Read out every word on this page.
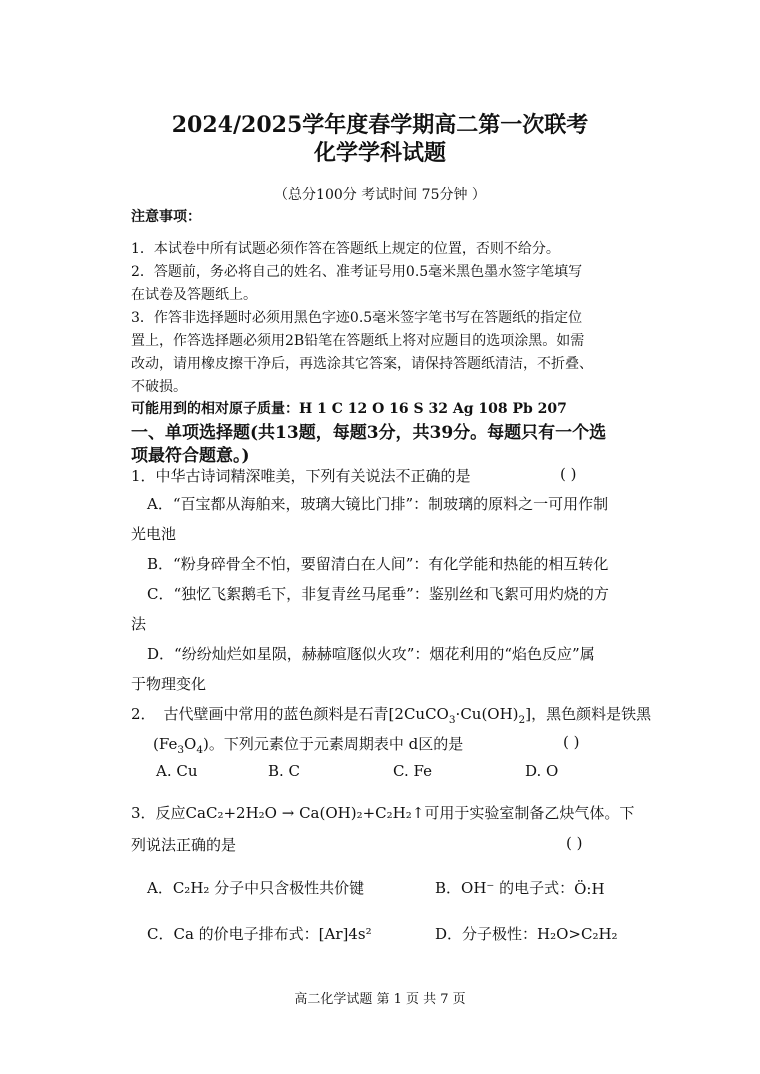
2024/2025学年度春学期高二第一次联考
化学学科试题
（总分100分 考试时间 75分钟 ）
注意事项：
1．本试卷中所有试题必须作答在答题纸上规定的位置，否则不给分。
2．答题前，务必将自己的姓名、准考证号用0.5毫米黑色墨水签字笔填写
在试卷及答题纸上。
3．作答非选择题时必须用黑色字迹0.5毫米签字笔书写在答题纸的指定位
置上，作答选择题必须用2B铅笔在答题纸上将对应题目的选项涂黑。如需
改动，请用橡皮擦干净后，再选涂其它答案，请保持答题纸清洁，不折叠、
不破损。
可能用到的相对原子质量：H 1 C 12 O 16 S 32 Ag 108 Pb 207
一、单项选择题(共13题，每题3分，共39分。每题只有一个选
项最符合题意。)
1．中华古诗词精深唯美，下列有关说法不正确的是	( )
A．“百宝都从海舶来，玻璃大镜比门排”：制玻璃的原料之一可用作制
光电池
B．“粉身碎骨全不怕，要留清白在人间”：有化学能和热能的相互转化
C．“独忆飞絮鹅毛下，非复青丝马尾垂”：鉴别丝和飞絮可用灼烧的方
法
D．“纷纷灿烂如星陨，赫赫喧豗似火攻”：烟花利用的“焰色反应”属
于物理变化
2． 古代壁画中常用的蓝色颜料是石青$[2CuCO_3\cdot Cu(OH)_2]$，黑色颜料是铁黑
$(Fe_3O_4)$。下列元素位于元素周期表中 d区的是	( )
A. Cu	B. C	C. Fe	D. O
3．反应CaC₂+2H₂O → Ca(OH)₂+C₂H₂↑可用于实验室制备乙炔气体。下
列说法正确的是	( )
A．C₂H₂ 分子中只含极性共价键	B．OH⁻ 的电子式：Ö:H
C．Ca 的价电子排布式：[Ar]4s²	D．分子极性：H₂O>C₂H₂
高二化学试题 第 1 页 共 7 页
